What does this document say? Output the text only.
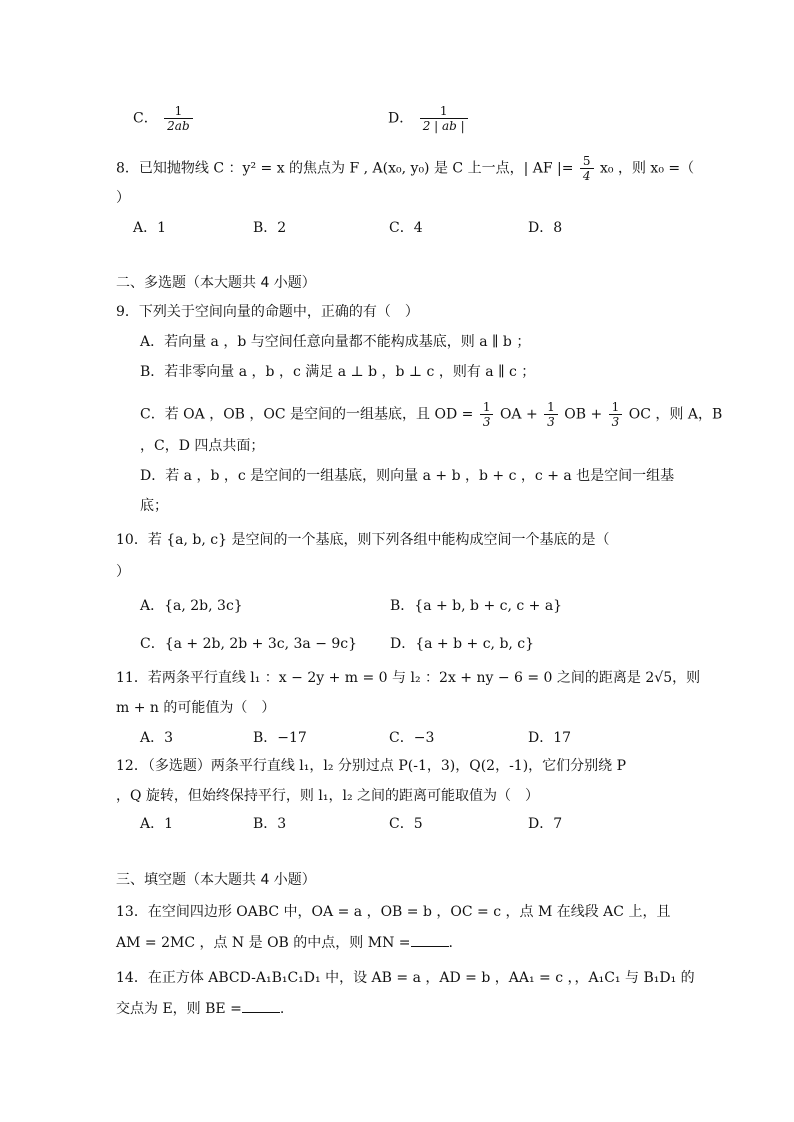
C． $\frac{1}{2ab}$	D． $\frac{1}{2 | ab |}$
8．已知抛物线 C ：y² = x 的焦点为 F , A(x₀, y₀) 是 C 上一点，| AF |= $\frac{5}{4} x_0$ ，则 x₀ =（
）
A．1	B．2	C．4	D．8
二、多选题（本大题共 4 小题）
9．下列关于空间向量的命题中，正确的有（　）
A．若向量 a ，b 与空间任意向量都不能构成基底，则 a ∥ b ；
B．若非零向量 a ，b ，c 满足 a ⊥ b ，b ⊥ c ，则有 a ∥ c ；
C．若 OA ，OB ，OC 是空间的一组基底，且 OD = $\frac{1}{3}$ OA + $\frac{1}{3}$ OB + $\frac{1}{3}$ OC ，则 A，B
，C，D 四点共面；
D．若 a ，b ，c 是空间的一组基底，则向量 a + b ，b + c ，c + a 也是空间一组基
底；
10．若 {a, b, c} 是空间的一个基底，则下列各组中能构成空间一个基底的是（
）
A．{a, 2b, 3c}	B．{a + b, b + c, c + a}
C．{a + 2b, 2b + 3c, 3a − 9c} D．{a + b + c, b, c}
11．若两条平行直线 l₁ ：x − 2y + m = 0 与 l₂ ：2x + ny − 6 = 0 之间的距离是 2√5，则
m + n 的可能值为（　）
A．3	B．−17	C．−3	D．17
12．（多选题）两条平行直线 l₁，l₂ 分别过点 P(-1，3)，Q(2，-1)，它们分别绕 P
，Q 旋转，但始终保持平行，则 l₁，l₂ 之间的距离可能取值为（　）
A．1	B．3	C．5	D．7
三、填空题（本大题共 4 小题）
13．在空间四边形 OABC 中，OA = a ，OB = b ，OC = c ，点 M 在线段 AC 上，且
AM = 2MC ，点 N 是 OB 的中点，则 MN =	.
14．在正方体 ABCD-A₁B₁C₁D₁ 中，设 AB = a ，AD = b ，AA₁ = c ，，A₁C₁ 与 B₁D₁ 的
交点为 E，则 BE =	.
